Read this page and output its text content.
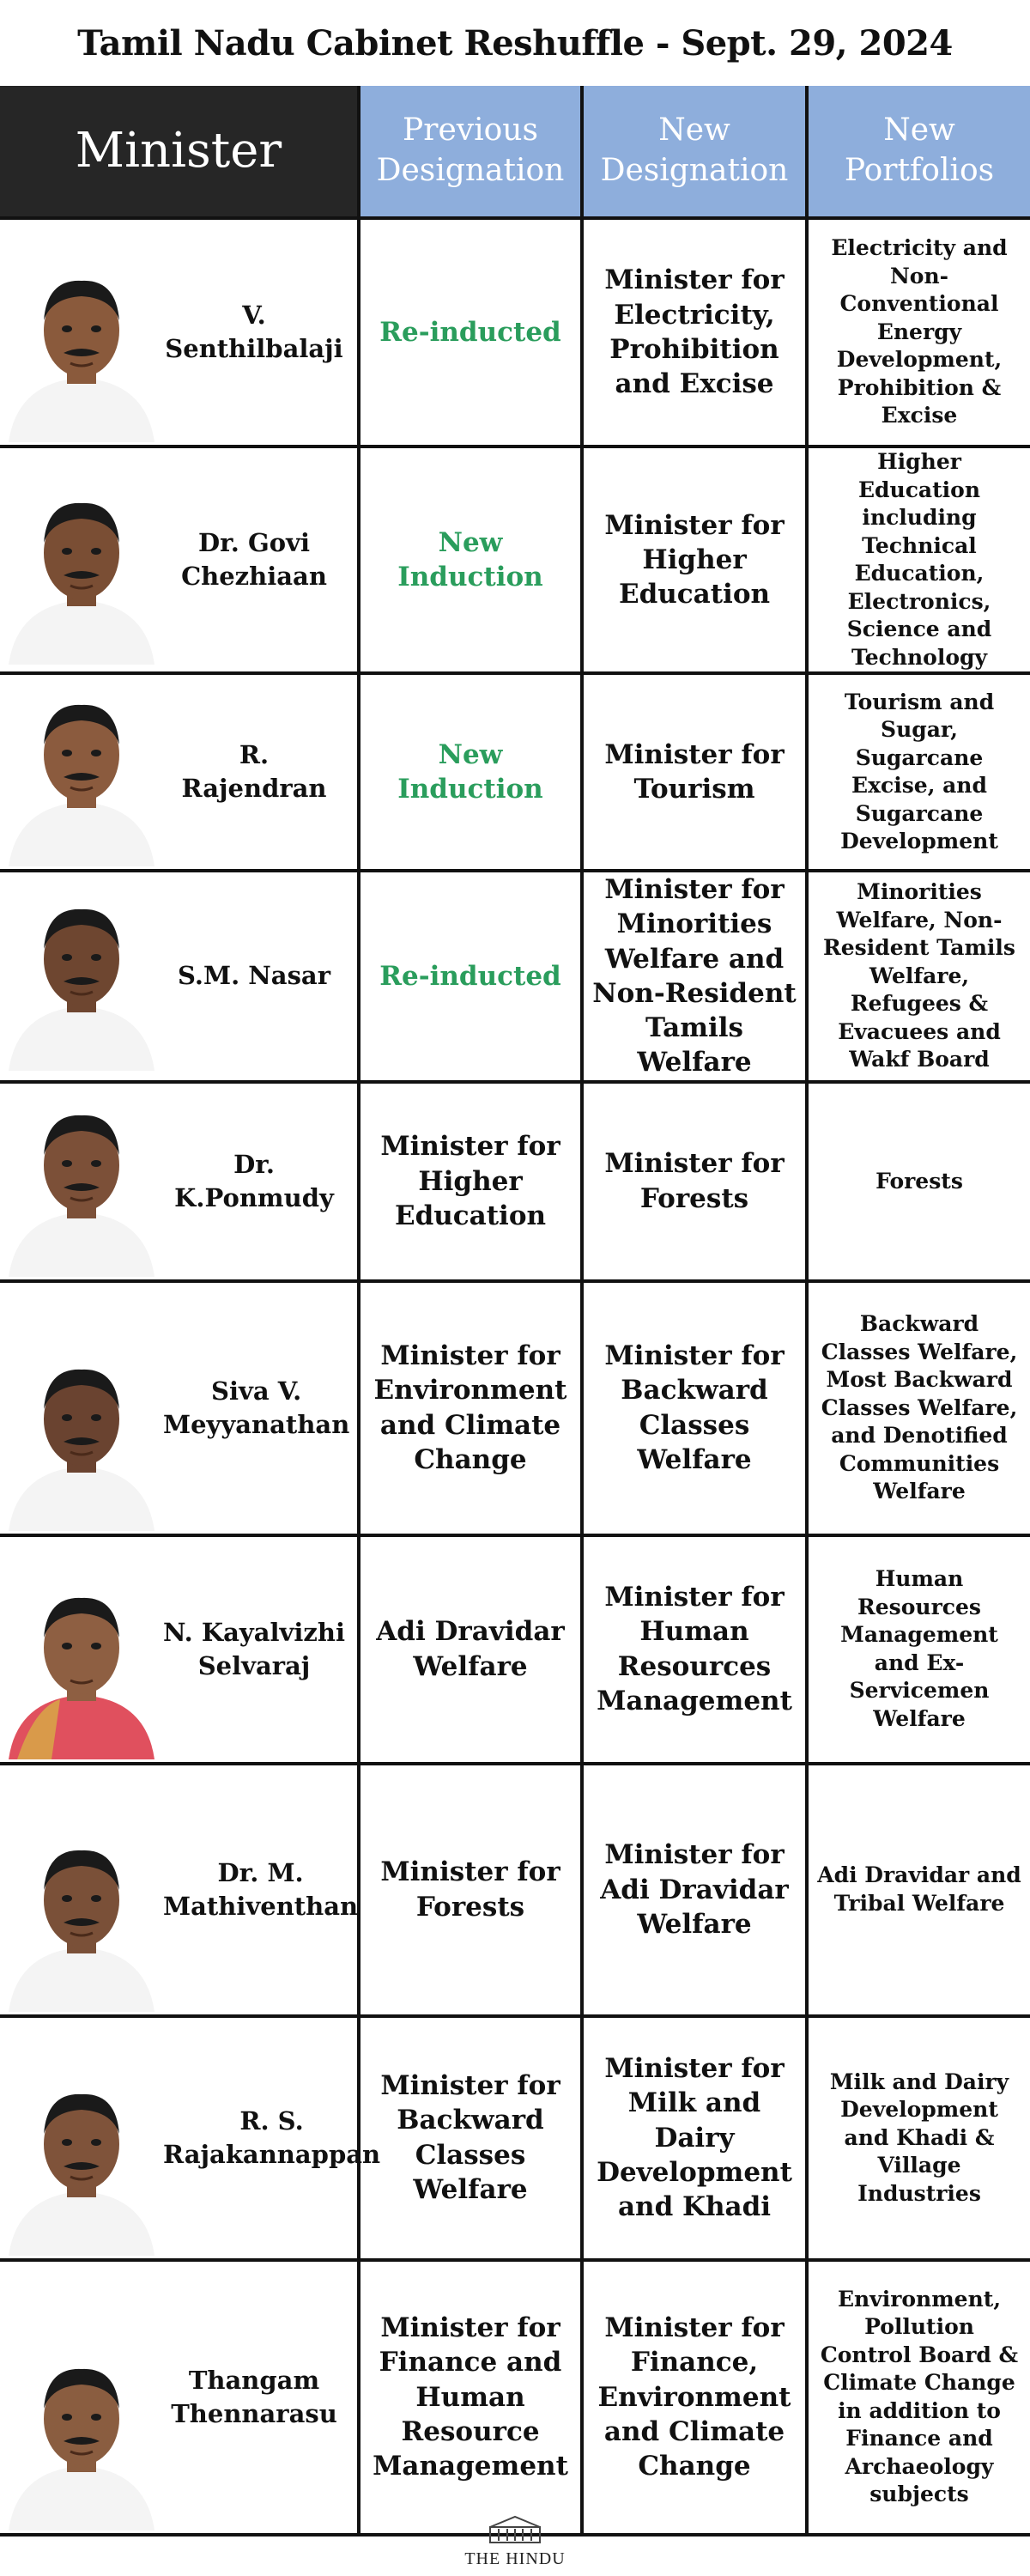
Tamil Nadu Cabinet Reshuffle - Sept. 29, 2024
Minister	Previous Designation	New Designation	New Portfolios

V. Senthilbalaji	Re-inducted	Minister for Electricity, Prohibition and Excise	Electricity and Non-Conventional Energy Development, Prohibition & Excise

Dr. Govi Chezhiaan	New Induction	Minister for Higher Education	Higher Education including Technical Education, Electronics, Science and Technology

R. Rajendran	New Induction	Minister for Tourism	Tourism and Sugar, Sugarcane Excise, and Sugarcane Development

S.M. Nasar	Re-inducted	Minister for Minorities Welfare and Non-Resident Tamils Welfare	Minorities Welfare, Non-Resident Tamils Welfare, Refugees & Evacuees and Wakf Board

Dr. K.Ponmudy	Minister for Higher Education	Minister for Forests	Forests

Siva V. Meyyanathan	Minister for Environment and Climate Change	Minister for Backward Classes Welfare	Backward Classes Welfare, Most Backward Classes Welfare, and Denotified Communities Welfare

N. Kayalvizhi Selvaraj	Adi Dravidar Welfare	Minister for Human Resources Management	Human Resources Management and Ex-Servicemen Welfare

Dr. M. Mathiventhan	Minister for Forests	Minister for Adi Dravidar Welfare	Adi Dravidar and Tribal Welfare

R. S. Rajakannappan	Minister for Backward Classes Welfare	Minister for Milk and Dairy Development and Khadi	Milk and Dairy Development and Khadi & Village Industries

Thangam Thennarasu	Minister for Finance and Human Resource Management	Minister for Finance, Environment and Climate Change	Environment, Pollution Control Board & Climate Change in addition to Finance and Archaeology subjects
THE HINDU
